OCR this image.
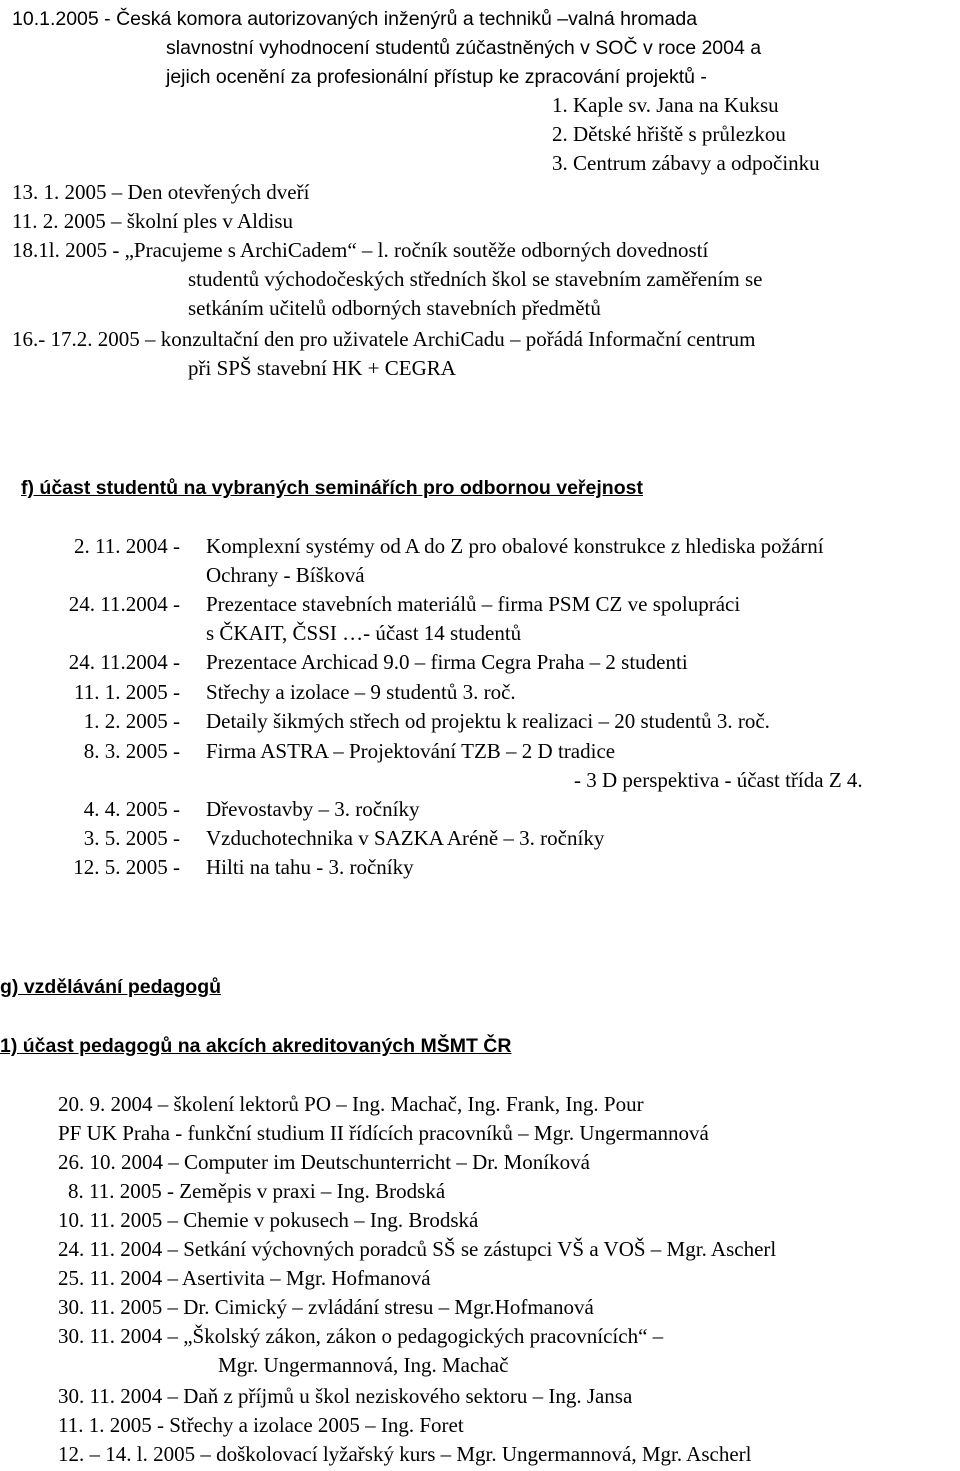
10.1.2005 - Česká komora autorizovaných inženýrů a techniků –valná hromada
slavnostní vyhodnocení studentů zúčastněných v SOČ v roce 2004 a
jejich ocenění za profesionální přístup ke zpracování projektů -
1. Kaple sv. Jana na Kuksu
2. Dětské hřiště s průlezkou
3. Centrum zábavy a odpočinku
13. 1. 2005 – Den otevřených dveří
11. 2. 2005 – školní ples v Aldisu
18.1l. 2005 - „Pracujeme s ArchiCadem“ – l. ročník soutěže odborných dovedností
studentů východočeských středních škol se stavebním zaměřením se
setkáním učitelů odborných stavebních předmětů
16.- 17.2. 2005 – konzultační den pro uživatele ArchiCadu – pořádá Informační centrum
při SPŠ stavební HK + CEGRA
f) účast studentů na vybraných seminářích pro odbornou veřejnost
2. 11. 2004 - Komplexní systémy od A do Z pro obalové konstrukce z hlediska požární
Ochrany - Bíšková
24. 11.2004 - Prezentace stavebních materiálů – firma PSM CZ ve spolupráci
s ČKAIT, ČSSI …- účast 14 studentů
24. 11.2004 - Prezentace Archicad 9.0 – firma Cegra Praha – 2 studenti
11. 1. 2005 - Střechy a izolace – 9 studentů 3. roč.
1. 2. 2005 - Detaily šikmých střech od projektu k realizaci – 20 studentů 3. roč.
8. 3. 2005 - Firma ASTRA – Projektování TZB – 2 D tradice
- 3 D perspektiva - účast třída Z 4.
4. 4. 2005 - Dřevostavby – 3. ročníky
3. 5. 2005 - Vzduchotechnika v SAZKA Aréně – 3. ročníky
12. 5. 2005 - Hilti na tahu - 3. ročníky
g) vzdělávání pedagogů
1) účast pedagogů na akcích akreditovaných MŠMT ČR
20. 9. 2004 – školení lektorů PO – Ing. Machač, Ing. Frank, Ing. Pour
PF UK Praha - funkční studium II řídících pracovníků – Mgr. Ungermannová
26. 10. 2004 – Computer im Deutschunterricht – Dr. Moníková
8. 11. 2005 - Zeměpis v praxi – Ing. Brodská
10. 11. 2005 – Chemie v pokusech – Ing. Brodská
24. 11. 2004 – Setkání výchovných poradců SŠ se zástupci VŠ a VOŠ – Mgr. Ascherl
25. 11. 2004 – Asertivita – Mgr. Hofmanová
30. 11. 2005 – Dr. Cimický – zvládání stresu – Mgr.Hofmanová
30. 11. 2004 – „Školský zákon, zákon o pedagogických pracovnících“ –
Mgr. Ungermannová, Ing. Machač
30. 11. 2004 – Daň z příjmů u škol neziskového sektoru – Ing. Jansa
11. 1. 2005 - Střechy a izolace 2005 – Ing. Foret
12. – 14. l. 2005 – doškolovací lyžařský kurs – Mgr. Ungermannová, Mgr. Ascherl
